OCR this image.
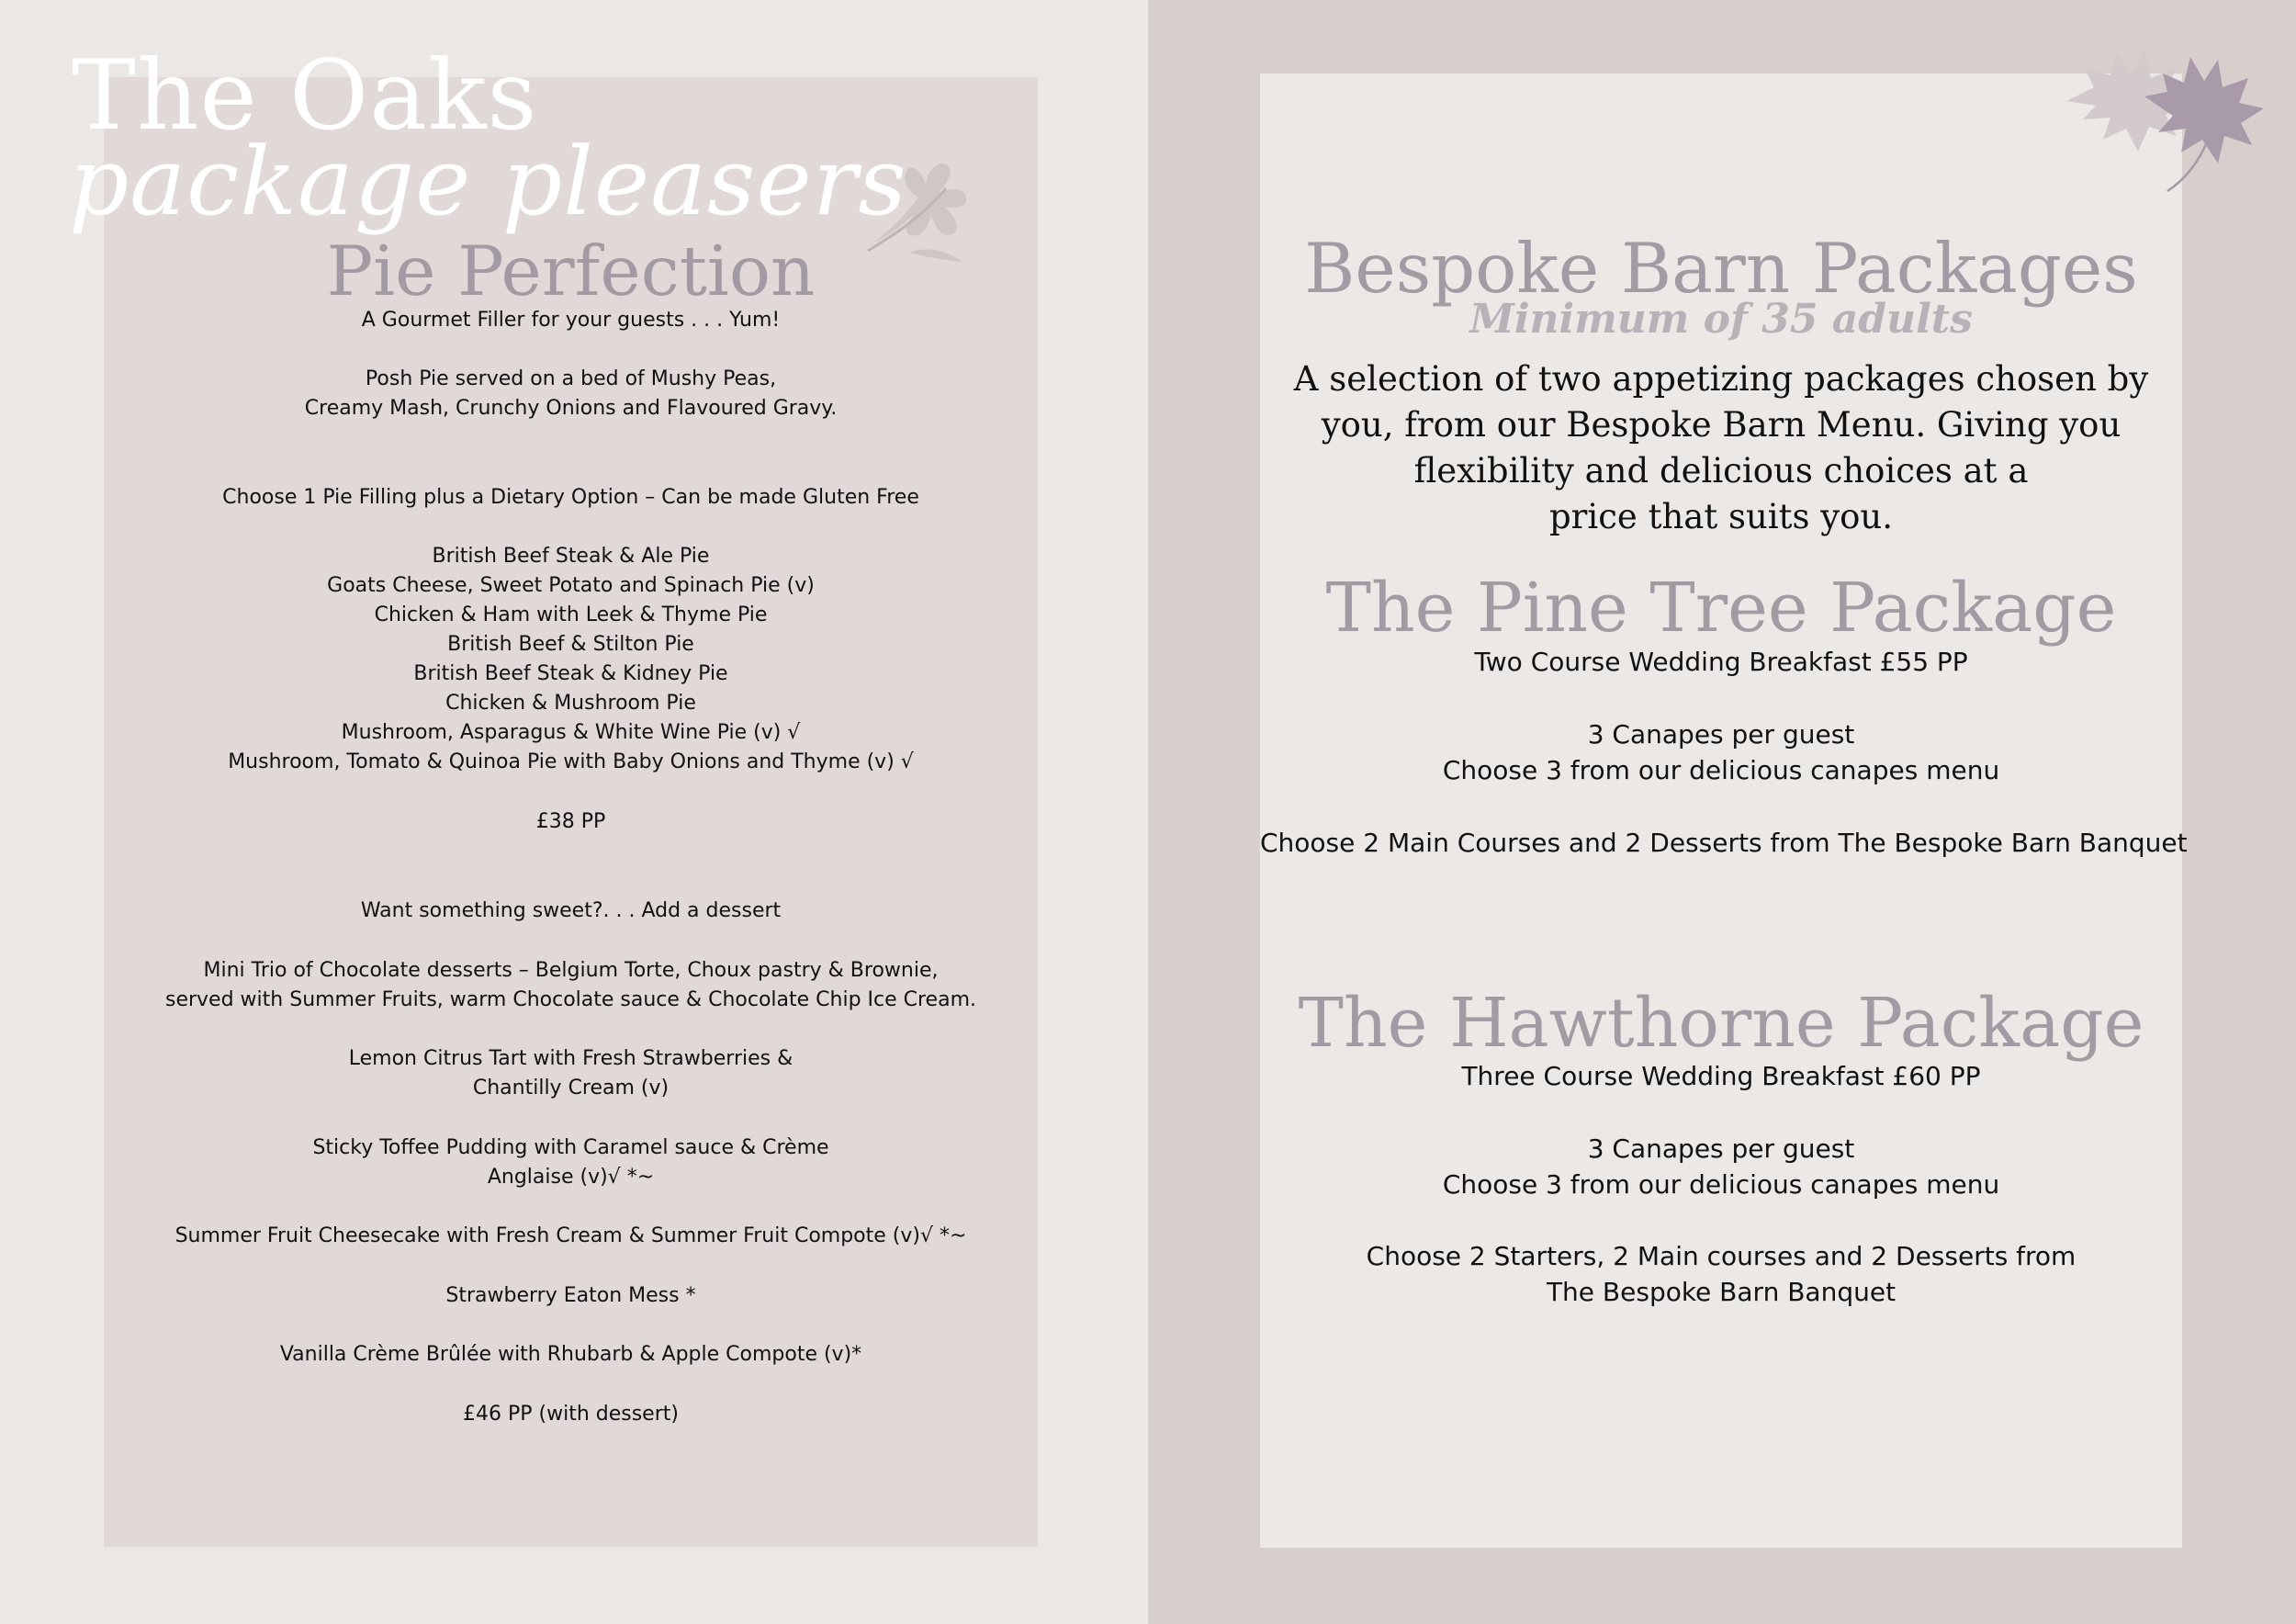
The Oaks
package pleasers
Pie Perfection
A Gourmet Filler for your guests . . . Yum!
Posh Pie served on a bed of Mushy Peas,
Creamy Mash, Crunchy Onions and Flavoured Gravy.
Choose 1 Pie Filling plus a Dietary Option – Can be made Gluten Free
British Beef Steak & Ale Pie
Goats Cheese, Sweet Potato and Spinach Pie (v)
Chicken & Ham with Leek & Thyme Pie
British Beef & Stilton Pie
British Beef Steak & Kidney Pie
Chicken & Mushroom Pie
Mushroom, Asparagus & White Wine Pie (v) √
Mushroom, Tomato & Quinoa Pie with Baby Onions and Thyme (v) √
£38 PP
Want something sweet?. . . Add a dessert
Mini Trio of Chocolate desserts – Belgium Torte, Choux pastry & Brownie,
served with Summer Fruits, warm Chocolate sauce & Chocolate Chip Ice Cream.
Lemon Citrus Tart with Fresh Strawberries &
Chantilly Cream (v)
Sticky Toffee Pudding with Caramel sauce & Crème
Anglaise (v)√ *~
Summer Fruit Cheesecake with Fresh Cream & Summer Fruit Compote (v)√ *~
Strawberry Eaton Mess *
Vanilla Crème Brûlée with Rhubarb & Apple Compote (v)*
£46 PP (with dessert)
Bespoke Barn Packages
Minimum of 35 adults
A selection of two appetizing packages chosen by
you, from our Bespoke Barn Menu. Giving you
flexibility and delicious choices at a
price that suits you.
The Pine Tree Package
Two Course Wedding Breakfast £55 PP
3 Canapes per guest
Choose 3 from our delicious canapes menu
Choose 2 Main Courses and 2 Desserts from The Bespoke Barn Banquet
The Hawthorne Package
Three Course Wedding Breakfast £60 PP
3 Canapes per guest
Choose 3 from our delicious canapes menu
Choose 2 Starters, 2 Main courses and 2 Desserts from
The Bespoke Barn Banquet
